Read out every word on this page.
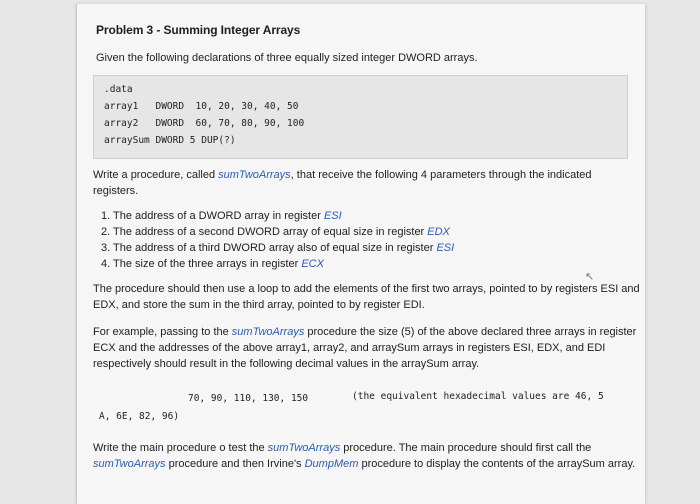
Problem 3 - Summing Integer Arrays
Given the following declarations of three equally sized integer DWORD arrays.
.data
array1   DWORD  10, 20, 30, 40, 50
array2   DWORD  60, 70, 80, 90, 100
arraySum DWORD 5 DUP(?)
Write a procedure, called sumTwoArrays, that receive the following 4 parameters through the indicated
registers.
1. The address of a DWORD array in register ESI
2. The address of a second DWORD array of equal size in register EDX
3. The address of a third DWORD array also of equal size in register ESI
4. The size of the three arrays in register ECX
↖
The procedure should then use a loop to add the elements of the first two arrays, pointed to by registers ESI and
EDX, and store the sum in the third array, pointed to by register EDI.
For example, passing to the sumTwoArrays procedure the size (5) of the above declared three arrays in register
ECX and the addresses of the above array1, array2, and arraySum arrays in registers ESI, EDX, and EDI
respectively should result in the following decimal values in the arraySum array.
70, 90, 110, 130, 150	(the equivalent hexadecimal values are 46, 5
A, 6E, 82, 96)
Write the main procedure o test the sumTwoArrays procedure. The main procedure should first call the
sumTwoArrays procedure and then Irvine's DumpMem procedure to display the contents of the arraySum array.
